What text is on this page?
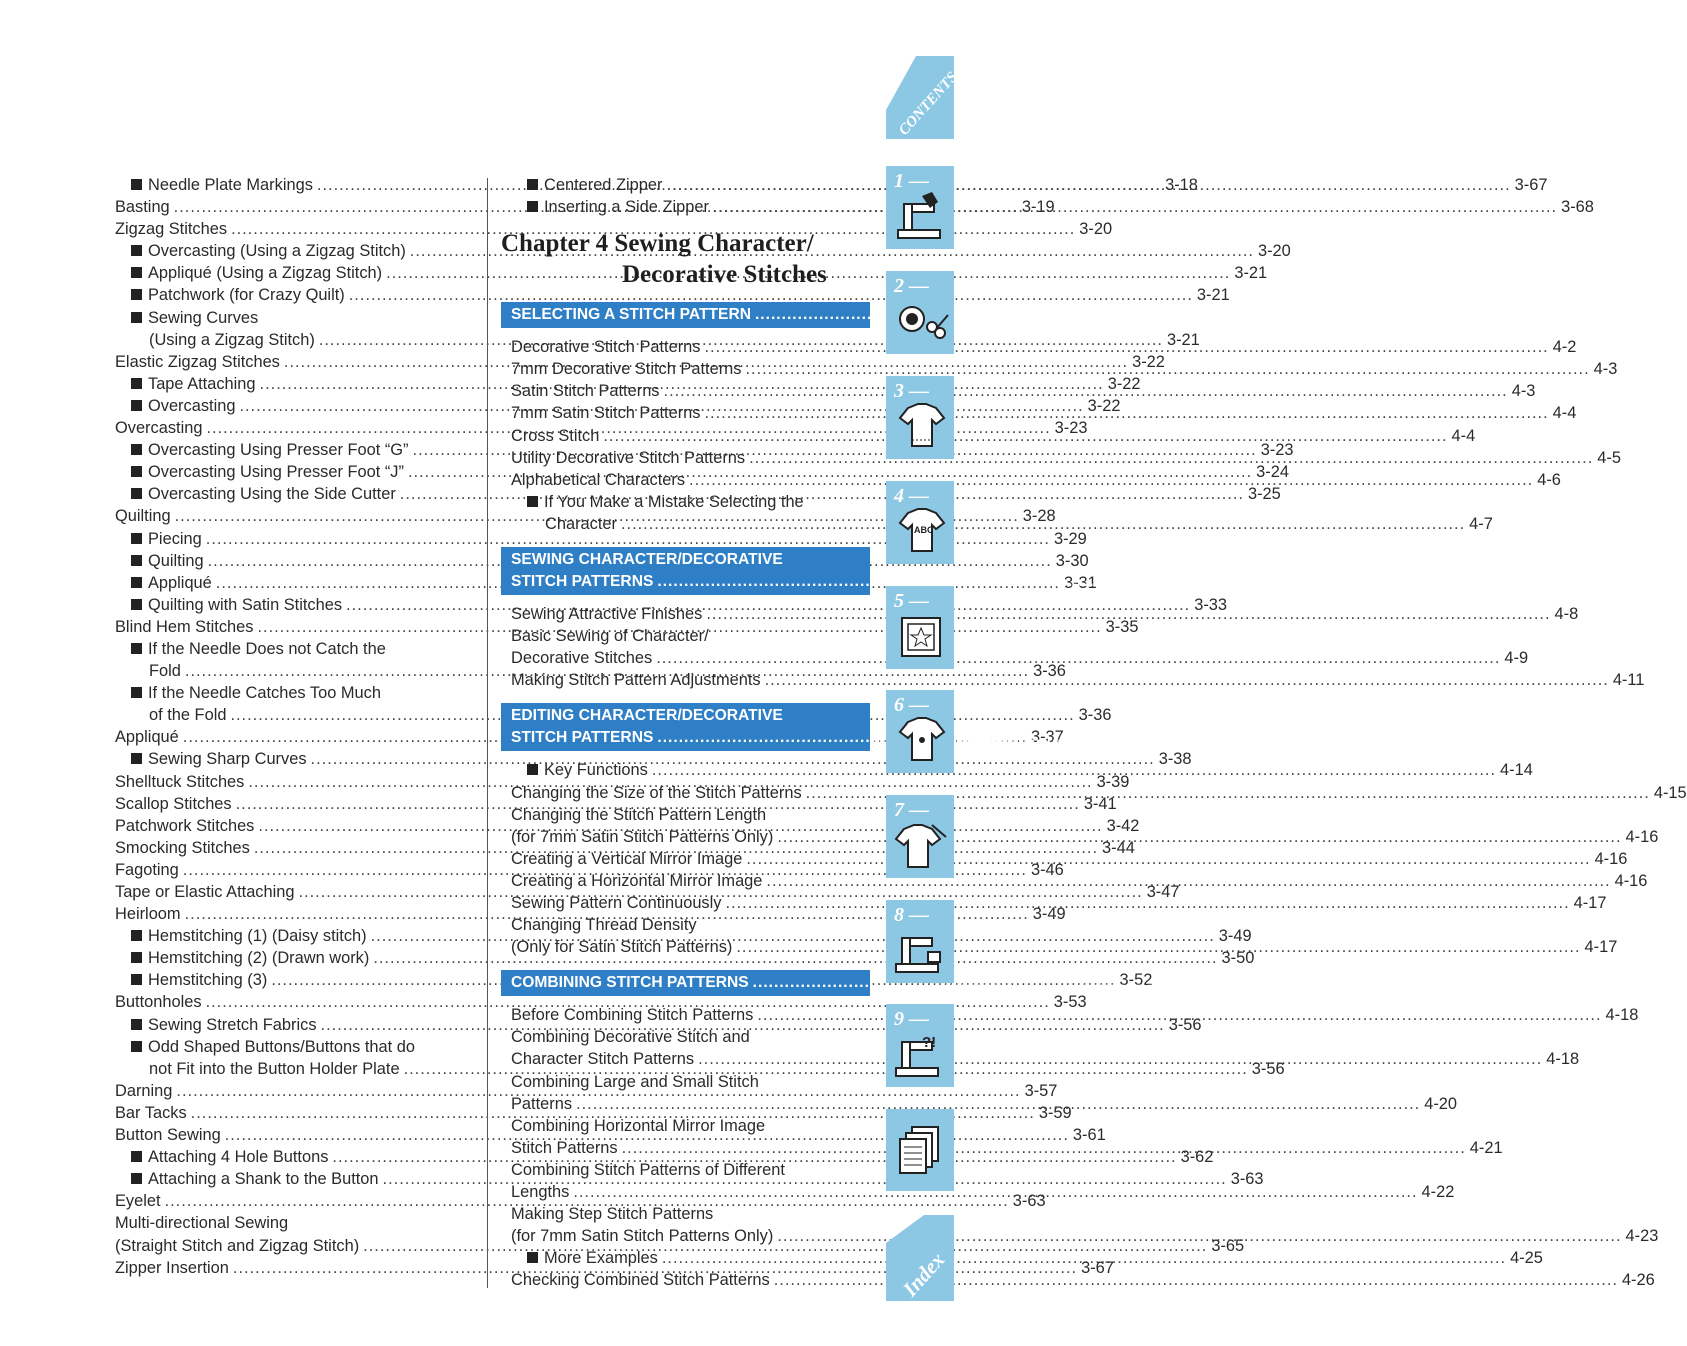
Needle Plate Markings .....	3-18
Basting .....	3-19
Zigzag Stitches .....	3-20
Overcasting (Using a Zigzag Stitch) .....	3-20
Appliqué (Using a Zigzag Stitch) .....	3-21
Patchwork (for Crazy Quilt) .....	3-21
Sewing Curves
(Using a Zigzag Stitch) .....	3-21
Elastic Zigzag Stitches .....	3-22
Tape Attaching .....	3-22
Overcasting .....	3-22
Overcasting .....	3-23
Overcasting Using Presser Foot “G” .....	3-23
Overcasting Using Presser Foot “J” .....	3-24
Overcasting Using the Side Cutter .....	3-25
Quilting .....	3-28
Piecing .....	3-29
Quilting .....	3-30
Appliqué .....	3-31
Quilting with Satin Stitches .....	3-33
Blind Hem Stitches .....	3-35
If the Needle Does not Catch the
Fold .....	3-36
If the Needle Catches Too Much
of the Fold .....	3-36
Appliqué .....	3-37
Sewing Sharp Curves .....	3-38
Shelltuck Stitches .....	3-39
Scallop Stitches .....	3-41
Patchwork Stitches .....	3-42
Smocking Stitches .....	3-44
Fagoting .....	3-46
Tape or Elastic Attaching .....	3-47
Heirloom .....	3-49
Hemstitching (1) (Daisy stitch) .....	3-49
Hemstitching (2) (Drawn work) .....	3-50
Hemstitching (3) .....	3-52
Buttonholes .....	3-53
Sewing Stretch Fabrics .....	3-56
Odd Shaped Buttons/Buttons that do
not Fit into the Button Holder Plate .....	3-56
Darning .....	3-57
Bar Tacks .....	3-59
Button Sewing .....	3-61
Attaching 4 Hole Buttons .....	3-62
Attaching a Shank to the Button .....	3-63
Eyelet .....	3-63
Multi-directional Sewing
(Straight Stitch and Zigzag Stitch) .....	3-65
Zipper Insertion .....	3-67
Centered Zipper .....	3-67
Inserting a Side Zipper .....	3-68
Chapter 4 Sewing Character/
Decorative Stitches
SELECTING A STITCH PATTERN .....	4-1
Decorative Stitch Patterns .....	4-2
7mm Decorative Stitch Patterns .....	4-3
Satin Stitch Patterns .....	4-3
7mm Satin Stitch Patterns .....	4-4
Cross Stitch .....	4-4
Utility Decorative Stitch Patterns .....	4-5
Alphabetical Characters .....	4-6
If You Make a Mistake Selecting the
Character .....	4-7
SEWING CHARACTER/DECORATIVE
STITCH PATTERNS .....	4-8
Sewing Attractive Finishes .....	4-8
Basic Sewing of Character/
Decorative Stitches .....	4-9
Making Stitch Pattern Adjustments .....	4-11
EDITING CHARACTER/DECORATIVE
STITCH PATTERNS .....	4-13
Key Functions .....	4-14
Changing the Size of the Stitch Patterns .....	4-15
Changing the Stitch Pattern Length
(for 7mm Satin Stitch Patterns Only) .....	4-16
Creating a Vertical Mirror Image .....	4-16
Creating a Horizontal Mirror Image .....	4-16
Sewing Pattern Continuously .....	4-17
Changing Thread Density
(Only for Satin Stitch Patterns) .....	4-17
COMBINING STITCH PATTERNS .....	4-18
Before Combining Stitch Patterns .....	4-18
Combining Decorative Stitch and
Character Stitch Patterns .....	4-18
Combining Large and Small Stitch
Patterns .....	4-20
Combining Horizontal Mirror Image
Stitch Patterns .....	4-21
Combining Stitch Patterns of Different
Lengths .....	4-22
Making Step Stitch Patterns
(for 7mm Satin Stitch Patterns Only) .....	4-23
More Examples .....	4-25
Checking Combined Stitch Patterns .....	4-26
CONTENTS
1 —
2 —
3 —
4 —
ABC
5 —
6 —
7 —
8 —
9 —
?!
Index
